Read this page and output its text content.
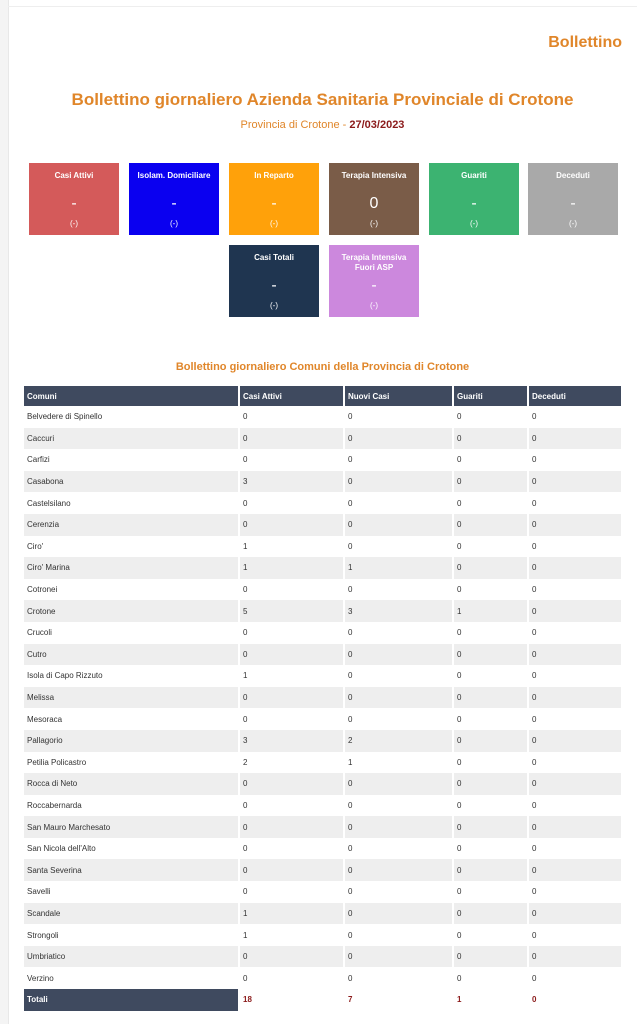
Bollettino
Bollettino giornaliero Azienda Sanitaria Provinciale di Crotone
Provincia di Crotone - 27/03/2023
Casi Attivi
-
(-)
Isolam. Domiciliare
-
(-)
In Reparto
-
(-)
Terapia Intensiva
0
(-)
Guariti
-
(-)
Deceduti
-
(-)
Casi Totali
-
(-)
Terapia Intensiva Fuori ASP
-
(-)
Bollettino giornaliero Comuni della Provincia di Crotone
Comuni	Casi Attivi	Nuovi Casi	Guariti	Deceduti
Belvedere di Spinello	0	0	0	0
Caccuri	0	0	0	0
Carfizi	0	0	0	0
Casabona	3	0	0	0
Castelsilano	0	0	0	0
Cerenzia	0	0	0	0
Ciro'	1	0	0	0
Ciro' Marina	1	1	0	0
Cotronei	0	0	0	0
Crotone	5	3	1	0
Crucoli	0	0	0	0
Cutro	0	0	0	0
Isola di Capo Rizzuto	1	0	0	0
Melissa	0	0	0	0
Mesoraca	0	0	0	0
Pallagorio	3	2	0	0
Petilia Policastro	2	1	0	0
Rocca di Neto	0	0	0	0
Roccabernarda	0	0	0	0
San Mauro Marchesato	0	0	0	0
San Nicola dell'Alto	0	0	0	0
Santa Severina	0	0	0	0
Savelli	0	0	0	0
Scandale	1	0	0	0
Strongoli	1	0	0	0
Umbriatico	0	0	0	0
Verzino	0	0	0	0
Totali	18	7	1	0
